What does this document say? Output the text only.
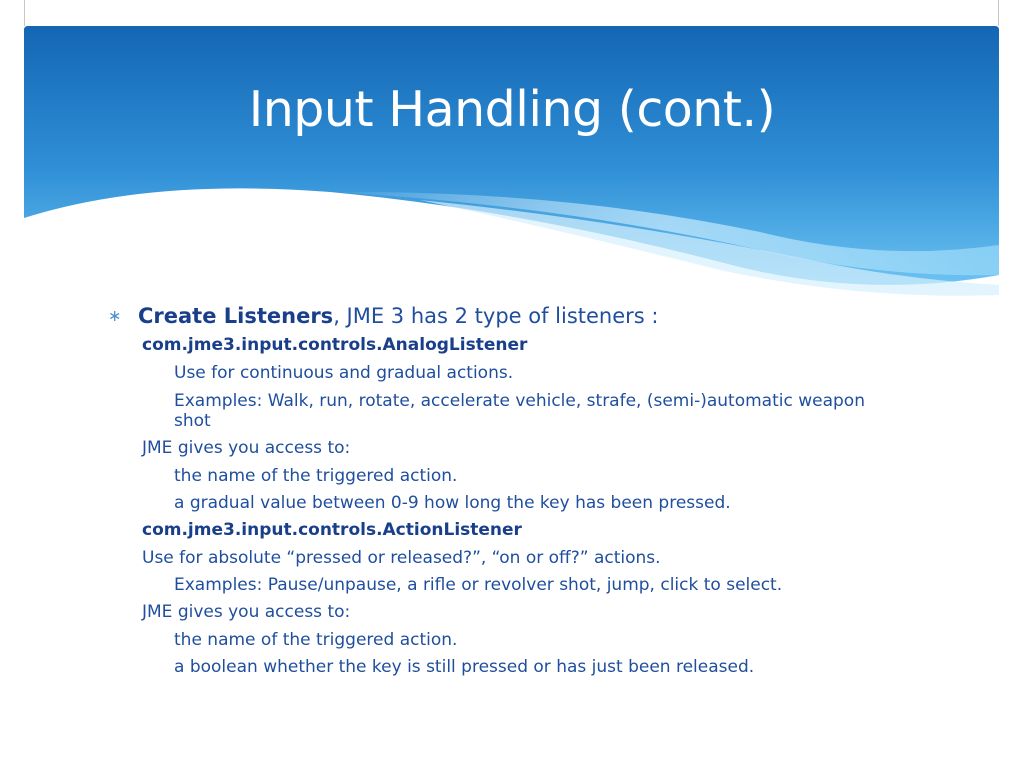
Input Handling (cont.)
∗ Create Listeners, JME 3 has 2 type of listeners :
com.jme3.input.controls.AnalogListener
Use for continuous and gradual actions.
Examples: Walk, run, rotate, accelerate vehicle, strafe, (semi-)automatic weapon shot
JME gives you access to:
the name of the triggered action.
a gradual value between 0-9 how long the key has been pressed.
com.jme3.input.controls.ActionListener
Use for absolute “pressed or released?”, “on or off?” actions.
Examples: Pause/unpause, a rifle or revolver shot, jump, click to select.
JME gives you access to:
the name of the triggered action.
a boolean whether the key is still pressed or has just been released.
